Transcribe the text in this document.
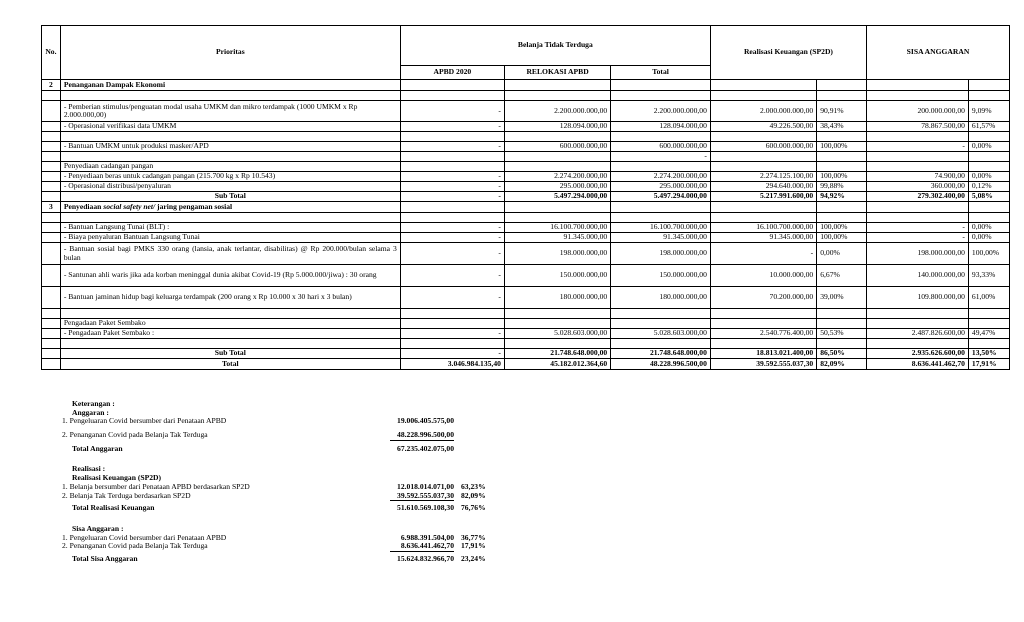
No.	Prioritas	Belanja Tidak Terduga			Realisasi Keuangan (SP2D)		SISA ANGGARAN	
		APBD 2020	RELOKASI APBD	Total				
2	Penanganan Dampak Ekonomi							

	- Pemberian stimulus/penguatan modal usaha UMKM dan mikro terdampak (1000 UMKM x Rp 2.000.000,00)	-	2.200.000.000,00	2.200.000.000,00	2.000.000.000,00	90,91%	200.000.000,00	9,09%
	- Operasional verifikasi data UMKM	-	128.094.000,00	128.094.000,00	49.226.500,00	38,43%	78.867.500,00	61,57%

	- Bantuan UMKM untuk produksi masker/APD	-	600.000.000,00	600.000.000,00	600.000.000,00	100,00%	-	0,00%
				-				
	Penyediaan cadangan pangan							
	- Penyediaan beras untuk cadangan pangan (215.700 kg x Rp 10.543)	-	2.274.200.000,00	2.274.200.000,00	2.274.125.100,00	100,00%	74.900,00	0,00%
	- Operasional distribusi/penyaluran	-	295.000.000,00	295.000.000,00	294.640.000,00	99,88%	360.000,00	0,12%
	Sub Total	-	5.497.294.000,00	5.497.294.000,00	5.217.991.600,00	94,92%	279.302.400,00	5,08%
3	Penyediaan social safety net/ jaring pengaman sosial							

	- Bantuan Langsung Tunai (BLT) :	-	16.100.700.000,00	16.100.700.000,00	16.100.700.000,00	100,00%	-	0,00%
	- Biaya penyaluran Bantuan Langsung Tunai	-	91.345.000,00	91.345.000,00	91.345.000,00	100,00%	-	0,00%
	- Bantuan sosial bagi PMKS 330 orang (lansia, anak terlantar, disabilitas) @ Rp 200.000/bulan selama 3 bulan	-	198.000.000,00	198.000.000,00	-	0,00%	198.000.000,00	100,00%
	- Santunan ahli waris jika ada korban meninggal dunia akibat Covid-19 (Rp 5.000.000/jiwa) : 30 orang	-	150.000.000,00	150.000.000,00	10.000.000,00	6,67%	140.000.000,00	93,33%
	- Bantuan jaminan hidup bagi keluarga terdampak (200 orang x Rp 10.000 x 30 hari x 3 bulan)	-	180.000.000,00	180.000.000,00	70.200.000,00	39,00%	109.800.000,00	61,00%

	Pengadaan Paket Sembako							
	- Pengadaan Paket Sembako :	-	5.028.603.000,00	5.028.603.000,00	2.540.776.400,00	50,53%	2.487.826.600,00	49,47%

	Sub Total	-	21.748.648.000,00	21.748.648.000,00	18.813.021.400,00	86,50%	2.935.626.600,00	13,50%
	Total	3.046.984.135,40	45.182.012.364,60	48.228.996.500,00	39.592.555.037,30	82,09%	8.636.441.462,70	17,91%
Keterangan :
Anggaran :
1. Pengeluaran Covid bersumber dari Penataan APBD	19.006.405.575,00
2. Penanganan Covid pada Belanja Tak Terduga	48.228.996.500,00
Total Anggaran	67.235.402.075,00
Realisasi :
Realisasi Keuangan (SP2D)
1. Belanja bersumber dari Penataan APBD berdasarkan SP2D	12.018.014.071,00 63,23%
2. Belanja Tak Terduga berdasarkan SP2D	39.592.555.037,30 82,09%
Total Realisasi Keuangan	51.610.569.108,30 76,76%
Sisa Anggaran :
1. Pengeluaran Covid bersumber dari Penataan APBD	6.988.391.504,00 36,77%
2. Penanganan Covid pada Belanja Tak Terduga	8.636.441.462,70 17,91%
Total Sisa Anggaran	15.624.832.966,70 23,24%
